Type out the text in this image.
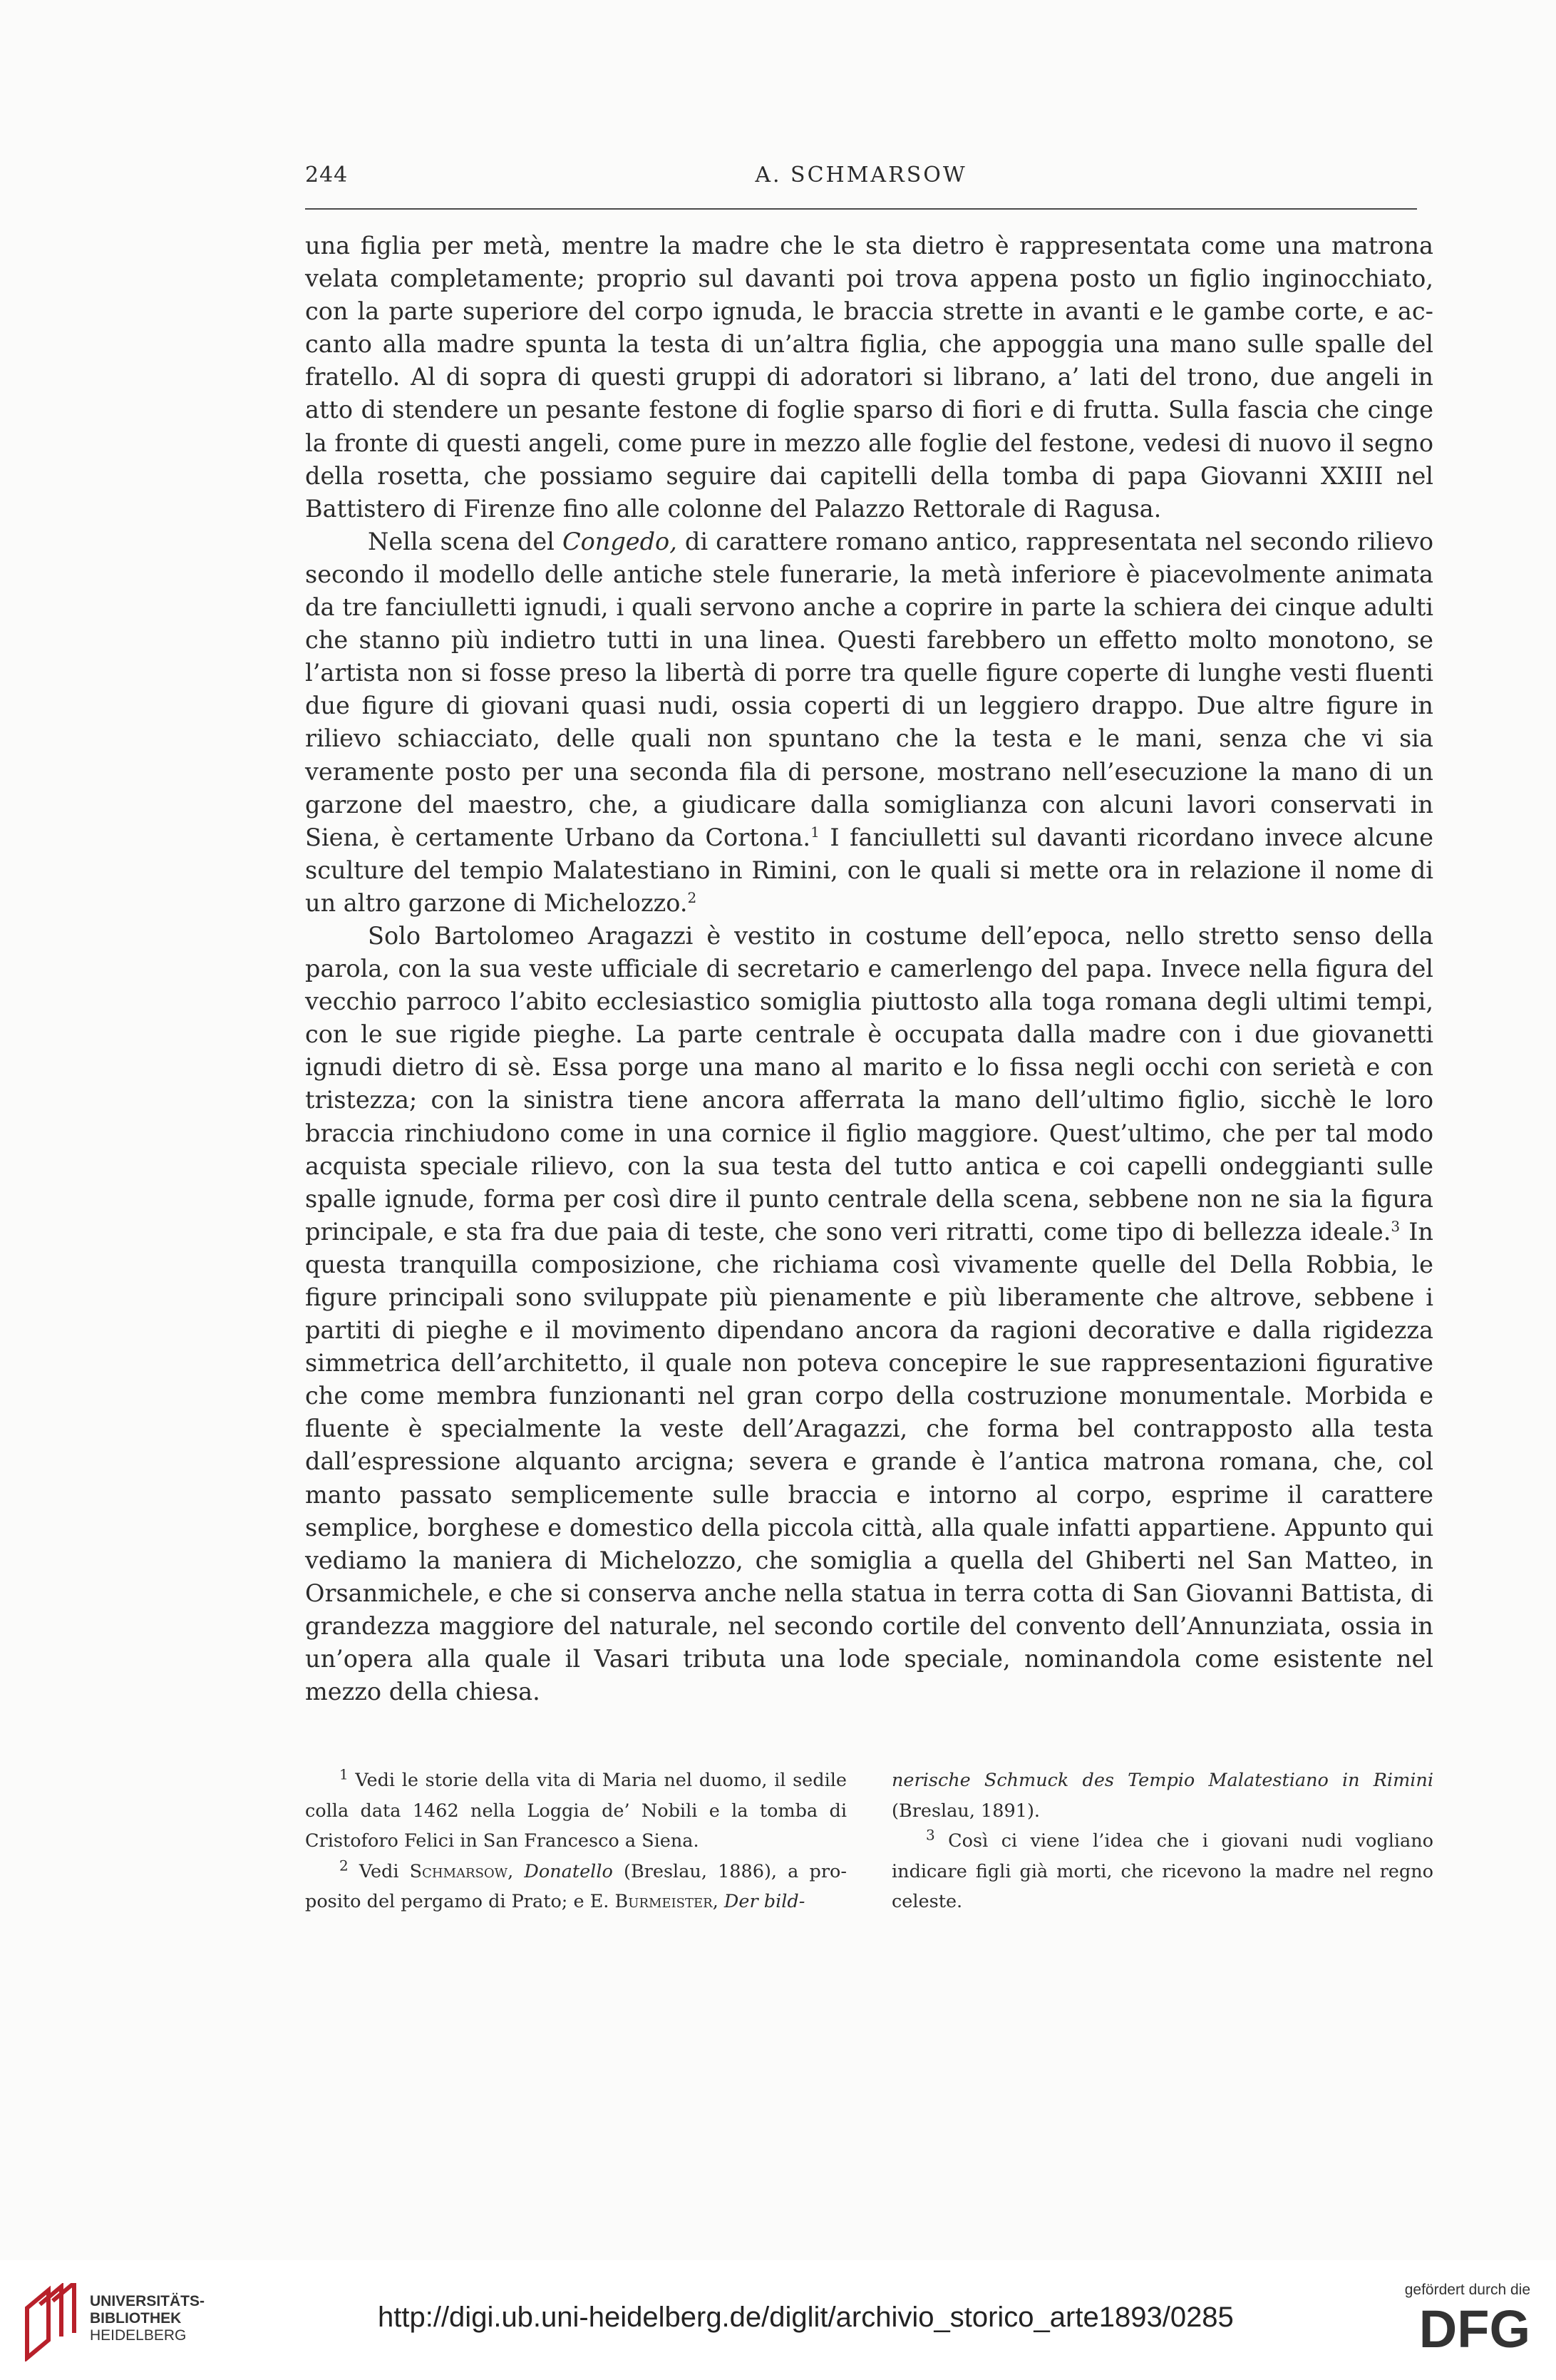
244	A. SCHMARSOW

una figlia per metà, mentre la madre che le sta dietro è rappresentata come una matrona velata completamente; proprio sul davanti poi trova appena posto un figlio inginocchiato, con la parte superiore del corpo ignuda, le braccia strette in avanti e le gambe corte, e accanto alla madre spunta la testa di un’altra figlia, che appoggia una mano sulle spalle del fratello. Al di sopra di questi gruppi di adoratori si librano, a’ lati del trono, due angeli in atto di stendere un pesante festone di foglie sparso di fiori e di frutta. Sulla fascia che cinge la fronte di questi angeli, come pure in mezzo alle foglie del festone, vedesi di nuovo il segno della rosetta, che possiamo seguire dai capitelli della tomba di papa Giovanni XXIII nel Battistero di Firenze fino alle colonne del Palazzo Rettorale di Ragusa.

Nella scena del Congedo, di carattere romano antico, rappresentata nel secondo rilievo secondo il modello delle antiche stele funerarie, la metà inferiore è piacevolmente animata da tre fanciulletti ignudi, i quali servono anche a coprire in parte la schiera dei cinque adulti che stanno più indietro tutti in una linea. Questi farebbero un effetto molto monotono, se l’artista non si fosse preso la libertà di porre tra quelle figure coperte di lunghe vesti fluenti due figure di giovani quasi nudi, ossia coperti di un leggiero drappo. Due altre figure in rilievo schiacciato, delle quali non spuntano che la testa e le mani, senza che vi sia veramente posto per una seconda fila di persone, mostrano nell’esecuzione la mano di un garzone del maestro, che, a giudicare dalla somiglianza con alcuni lavori conservati in Siena, è certamente Urbano da Cortona.$^1$ I fanciulletti sul davanti ricordano invece alcune sculture del tempio Malatestiano in Rimini, con le quali si mette ora in relazione il nome di un altro garzone di Michelozzo.$^2$

Solo Bartolomeo Aragazzi è vestito in costume dell’epoca, nello stretto senso della parola, con la sua veste ufficiale di secretario e camerlengo del papa. Invece nella figura del vecchio parroco l’abito ecclesiastico somiglia piuttosto alla toga romana degli ultimi tempi, con le sue rigide pieghe. La parte centrale è occupata dalla madre con i due giovanetti ignudi dietro di sè. Essa porge una mano al marito e lo fissa negli occhi con serietà e con tristezza; con la sinistra tiene ancora afferrata la mano dell’ultimo figlio, sicchè le loro braccia rinchiudono come in una cornice il figlio maggiore. Quest’ultimo, che per tal modo acquista speciale rilievo, con la sua testa del tutto antica e coi capelli ondeggianti sulle spalle ignude, forma per così dire il punto centrale della scena, sebbene non ne sia la figura principale, e sta fra due paia di teste, che sono veri ritratti, come tipo di bellezza ideale.$^3$ In questa tranquilla composizione, che richiama così vivamente quelle del Della Robbia, le figure principali sono sviluppate più pienamente e più liberamente che altrove, sebbene i partiti di pieghe e il movimento dipendano ancora da ragioni decorative e dalla rigidezza simmetrica dell’architetto, il quale non poteva concepire le sue rappresentazioni figurative che come membra funzionanti nel gran corpo della costruzione monumentale. Morbida e fluente è specialmente la veste dell’Aragazzi, che forma bel contrapposto alla testa dall’espressione alquanto arcigna; severa e grande è l’antica matrona romana, che, col manto passato semplicemente sulle braccia e intorno al corpo, esprime il carattere semplice, borghese e domestico della piccola città, alla quale infatti appartiene. Appunto qui vediamo la maniera di Michelozzo, che somiglia a quella del Ghiberti nel San Matteo, in Orsanmichele, e che si conserva anche nella statua in terra cotta di San Giovanni Battista, di grandezza maggiore del naturale, nel secondo cortile del convento dell’Annunziata, ossia in un’opera alla quale il Vasari tributa una lode speciale, nominandola come esistente nel mezzo della chiesa.

$^1$ Vedi le storie della vita di Maria nel duomo, il sedile colla data 1462 nella Loggia de’ Nobili e la tomba di Cristoforo Felici in San Francesco a Siena.

$^2$ Vedi Schmarsow, Donatello (Breslau, 1886), a proposito del pergamo di Prato; e E. Burmeister, Der bild-

nerische Schmuck des Tempio Malatestiano in Rimini (Breslau, 1891).

$^3$ Così ci viene l’idea che i giovani nudi vogliano indicare figli già morti, che ricevono la madre nel regno celeste.

UNIVERSITÄTS-
BIBLIOTHEK
HEIDELBERG
http://digi.ub.uni-heidelberg.de/diglit/archivio_storico_arte1893/0285
gefördert durch die
DFG
